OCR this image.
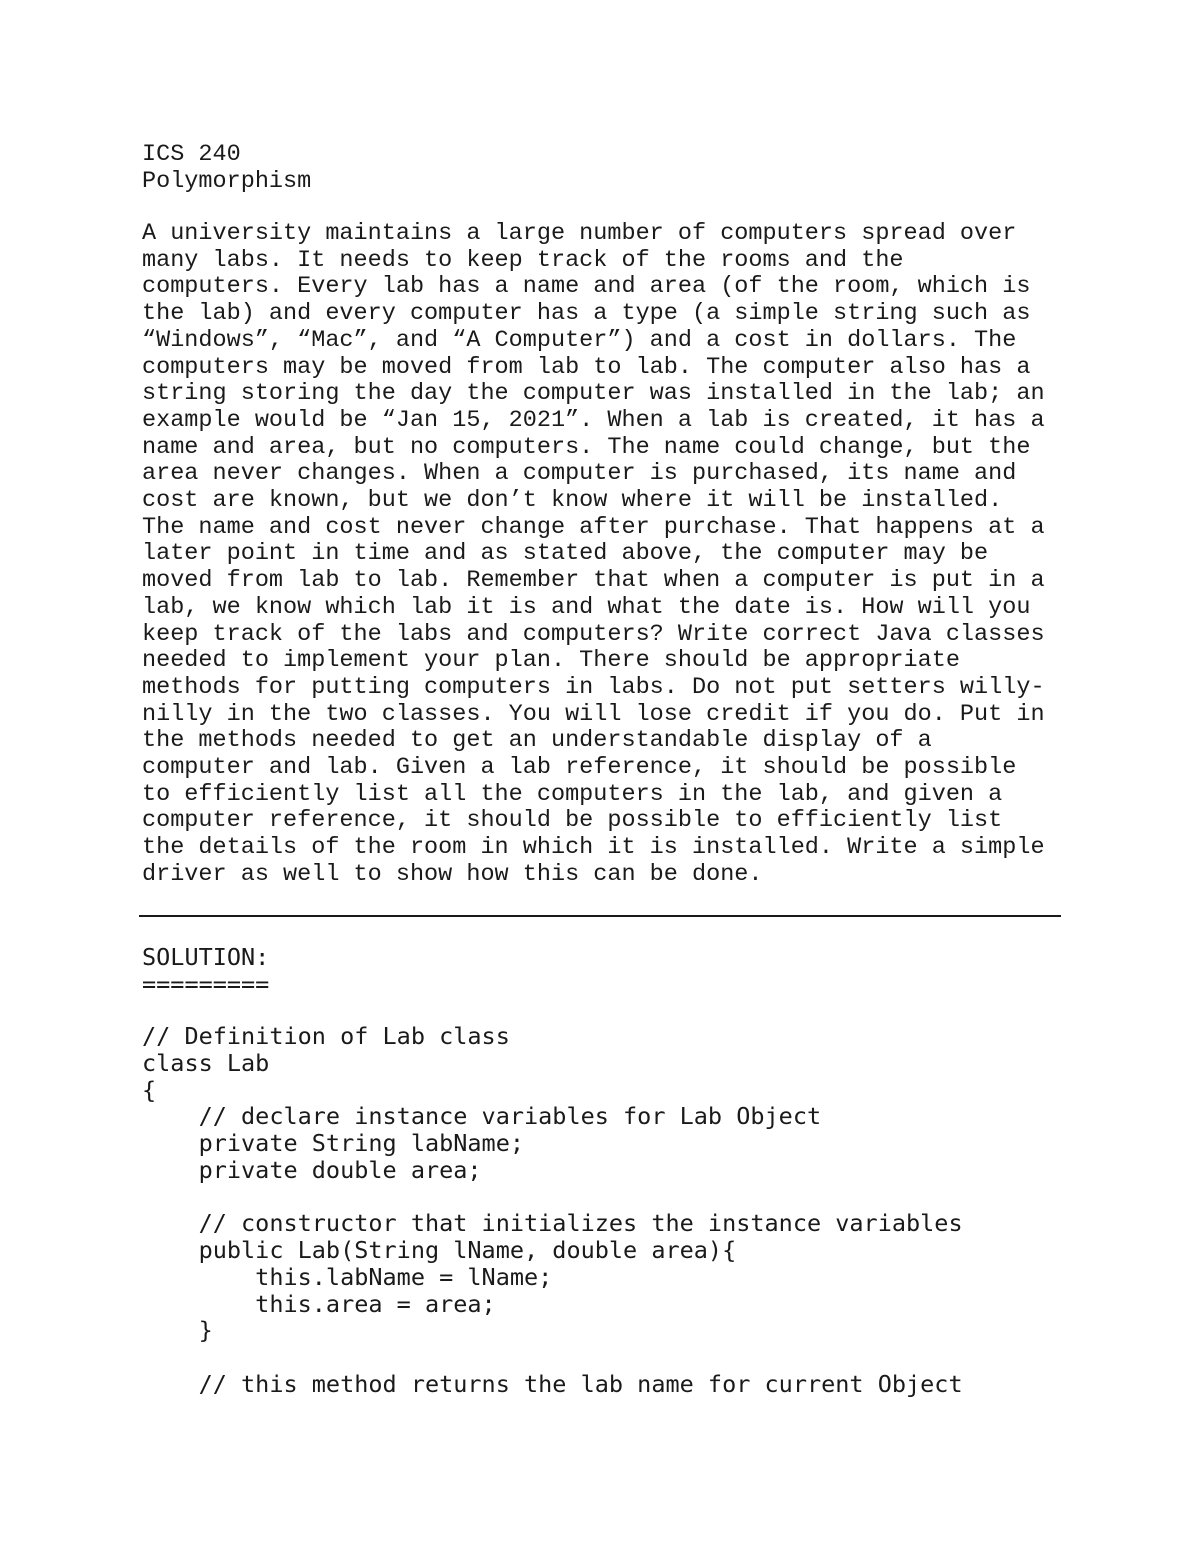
ICS 240
Polymorphism
A university maintains a large number of computers spread over
many labs. It needs to keep track of the rooms and the
computers. Every lab has a name and area (of the room, which is
the lab) and every computer has a type (a simple string such as
“Windows”, “Mac”, and “A Computer”) and a cost in dollars. The
computers may be moved from lab to lab. The computer also has a
string storing the day the computer was installed in the lab; an
example would be “Jan 15, 2021”. When a lab is created, it has a
name and area, but no computers. The name could change, but the
area never changes. When a computer is purchased, its name and
cost are known, but we don’t know where it will be installed.
The name and cost never change after purchase. That happens at a
later point in time and as stated above, the computer may be
moved from lab to lab. Remember that when a computer is put in a
lab, we know which lab it is and what the date is. How will you
keep track of the labs and computers? Write correct Java classes
needed to implement your plan. There should be appropriate
methods for putting computers in labs. Do not put setters willy-
nilly in the two classes. You will lose credit if you do. Put in
the methods needed to get an understandable display of a
computer and lab. Given a lab reference, it should be possible
to efficiently list all the computers in the lab, and given a
computer reference, it should be possible to efficiently list
the details of the room in which it is installed. Write a simple
driver as well to show how this can be done.
SOLUTION:
=========
// Definition of Lab class
class Lab
{
// declare instance variables for Lab Object
private String labName;
private double area;
// constructor that initializes the instance variables
public Lab(String lName, double area){
this.labName = lName;
this.area = area;
}
// this method returns the lab name for current Object
